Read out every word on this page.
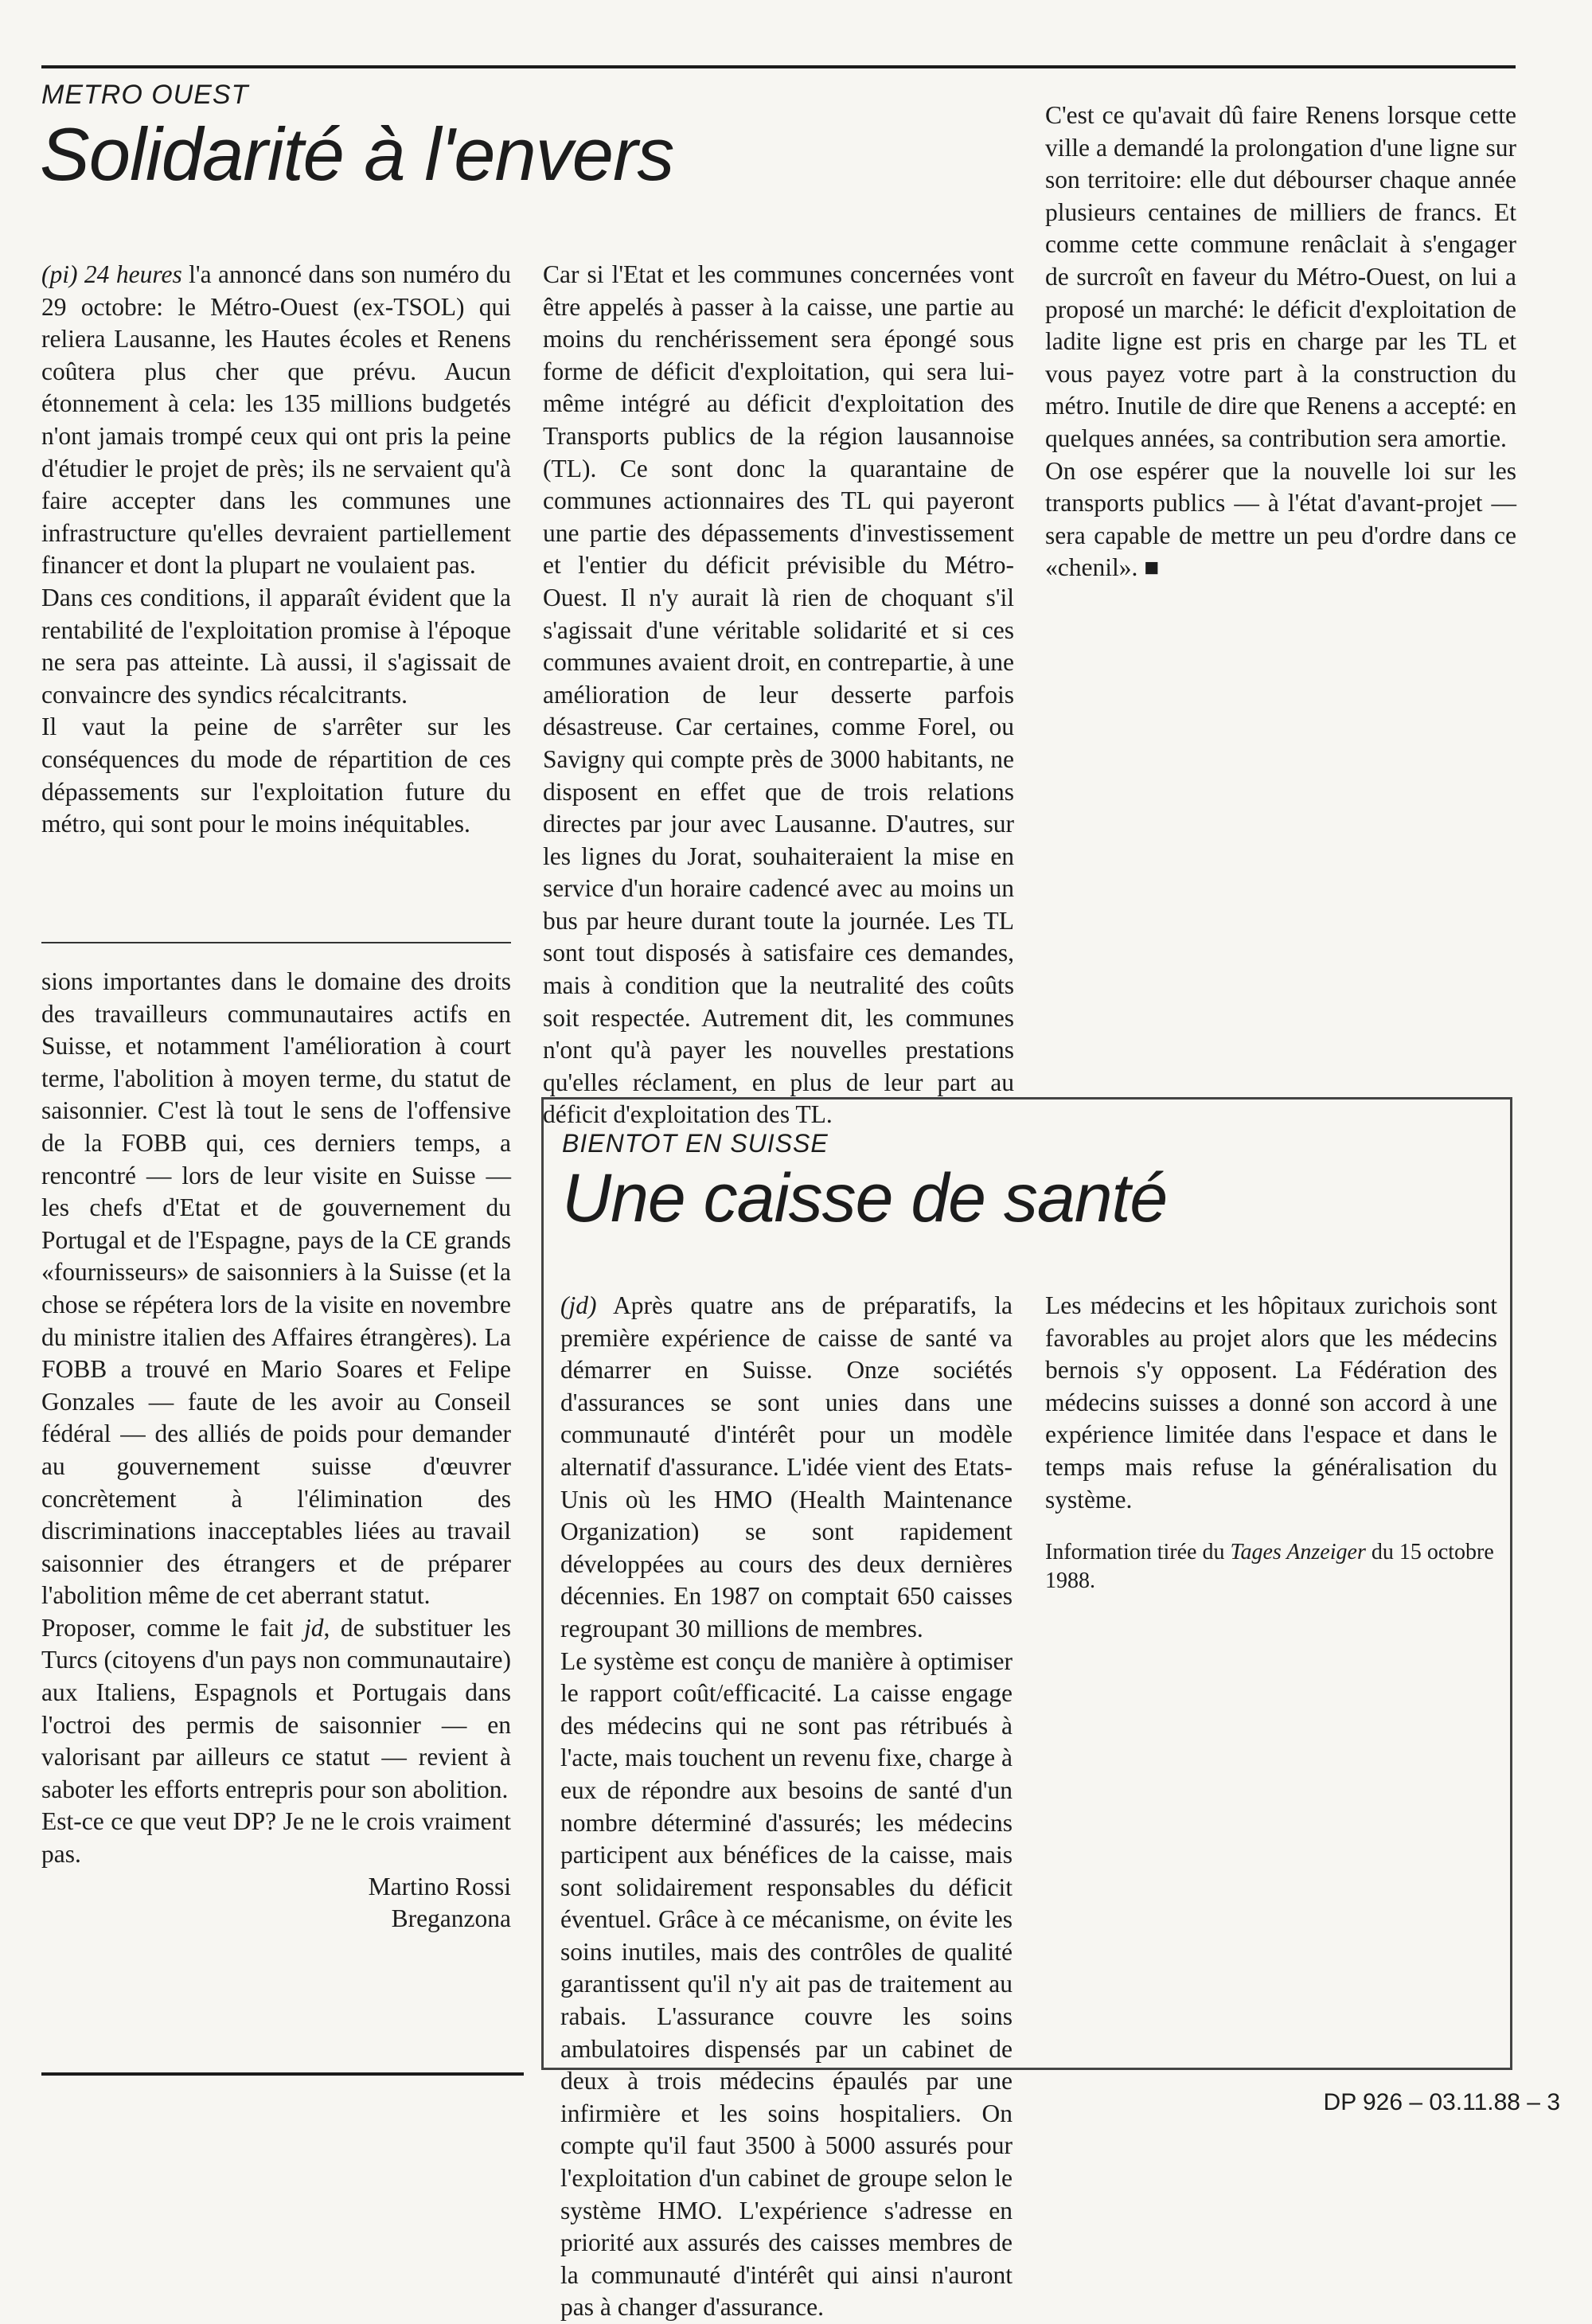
METRO OUEST

Solidarité à l'envers

(pi) 24 heures l'a annoncé dans son numéro du 29 octobre: le Métro-Ouest (ex-TSOL) qui reliera Lausanne, les Hautes écoles et Renens coûtera plus cher que prévu. Aucun étonnement à cela: les 135 millions budgetés n'ont jamais trompé ceux qui ont pris la peine d'étudier le projet de près; ils ne servaient qu'à faire accepter dans les communes une infrastructure qu'elles devraient partiellement financer et dont la plupart ne voulaient pas.

Dans ces conditions, il apparaît évident que la rentabilité de l'exploitation promise à l'époque ne sera pas atteinte. Là aussi, il s'agissait de convaincre des syndics récalcitrants.

Il vaut la peine de s'arrêter sur les conséquences du mode de répartition de ces dépassements sur l'exploitation future du métro, qui sont pour le moins inéquitables.

Car si l'Etat et les communes concernées vont être appelés à passer à la caisse, une partie au moins du renchérissement sera épongé sous forme de déficit d'exploitation, qui sera lui-même intégré au déficit d'exploitation des Transports publics de la région lausannoise (TL). Ce sont donc la quarantaine de communes actionnaires des TL qui payeront une partie des dépassements d'investissement et l'entier du déficit prévisible du Métro-Ouest. Il n'y aurait là rien de choquant s'il s'agissait d'une véritable solidarité et si ces communes avaient droit, en contrepartie, à une amélioration de leur desserte parfois désastreuse. Car certaines, comme Forel, ou Savigny qui compte près de 3000 habitants, ne disposent en effet que de trois relations directes par jour avec Lausanne. D'autres, sur les lignes du Jorat, souhaiteraient la mise en service d'un horaire cadencé avec au moins un bus par heure durant toute la journée. Les TL sont tout disposés à satisfaire ces demandes, mais à condition que la neutralité des coûts soit respectée. Autrement dit, les communes n'ont qu'à payer les nouvelles prestations qu'elles réclament, en plus de leur part au déficit d'exploitation des TL.

C'est ce qu'avait dû faire Renens lorsque cette ville a demandé la prolongation d'une ligne sur son territoire: elle dut débourser chaque année plusieurs centaines de milliers de francs. Et comme cette commune renâclait à s'engager de surcroît en faveur du Métro-Ouest, on lui a proposé un marché: le déficit d'exploitation de ladite ligne est pris en charge par les TL et vous payez votre part à la construction du métro. Inutile de dire que Renens a accepté: en quelques années, sa contribution sera amortie.

On ose espérer que la nouvelle loi sur les transports publics — à l'état d'avant-projet — sera capable de mettre un peu d'ordre dans ce «chenil». ■

sions importantes dans le domaine des droits des travailleurs communautaires actifs en Suisse, et notamment l'amélioration à court terme, l'abolition à moyen terme, du statut de saisonnier. C'est là tout le sens de l'offensive de la FOBB qui, ces derniers temps, a rencontré — lors de leur visite en Suisse — les chefs d'Etat et de gouvernement du Portugal et de l'Espagne, pays de la CE grands «fournisseurs» de saisonniers à la Suisse (et la chose se répétera lors de la visite en novembre du ministre italien des Affaires étrangères). La FOBB a trouvé en Mario Soares et Felipe Gonzales — faute de les avoir au Conseil fédéral — des alliés de poids pour demander au gouvernement suisse d'œuvrer concrètement à l'élimination des discriminations inacceptables liées au travail saisonnier des étrangers et de préparer l'abolition même de cet aberrant statut.

Proposer, comme le fait jd, de substituer les Turcs (citoyens d'un pays non communautaire) aux Italiens, Espagnols et Portugais dans l'octroi des permis de saisonnier — en valorisant par ailleurs ce statut — revient à saboter les efforts entrepris pour son abolition.

Est-ce ce que veut DP? Je ne le crois vraiment pas.

Martino Rossi

Breganzona

BIENTOT EN SUISSE

Une caisse de santé

(jd) Après quatre ans de préparatifs, la première expérience de caisse de santé va démarrer en Suisse. Onze sociétés d'assurances se sont unies dans une communauté d'intérêt pour un modèle alternatif d'assurance. L'idée vient des Etats-Unis où les HMO (Health Maintenance Organization) se sont rapidement développées au cours des deux dernières décennies. En 1987 on comptait 650 caisses regroupant 30 millions de membres.

Le système est conçu de manière à optimiser le rapport coût/efficacité. La caisse engage des médecins qui ne sont pas rétribués à l'acte, mais touchent un revenu fixe, charge à eux de répondre aux besoins de santé d'un nombre déterminé d'assurés; les médecins participent aux bénéfices de la caisse, mais sont solidairement responsables du déficit éventuel. Grâce à ce mécanisme, on évite les soins inutiles, mais des contrôles de qualité garantissent qu'il n'y ait pas de traitement au rabais. L'assurance couvre les soins ambulatoires dispensés par un cabinet de deux à trois médecins épaulés par une infirmière et les soins hospitaliers. On compte qu'il faut 3500 à 5000 assurés pour l'exploitation d'un cabinet de groupe selon le système HMO. L'expérience s'adresse en priorité aux assurés des caisses membres de la communauté d'intérêt qui ainsi n'auront pas à changer d'assurance.

Les médecins et les hôpitaux zurichois sont favorables au projet alors que les médecins bernois s'y opposent. La Fédération des médecins suisses a donné son accord à une expérience limitée dans l'espace et dans le temps mais refuse la généralisation du système.

Information tirée du Tages Anzeiger du 15 octobre 1988.

DP 926 – 03.11.88 – 3
